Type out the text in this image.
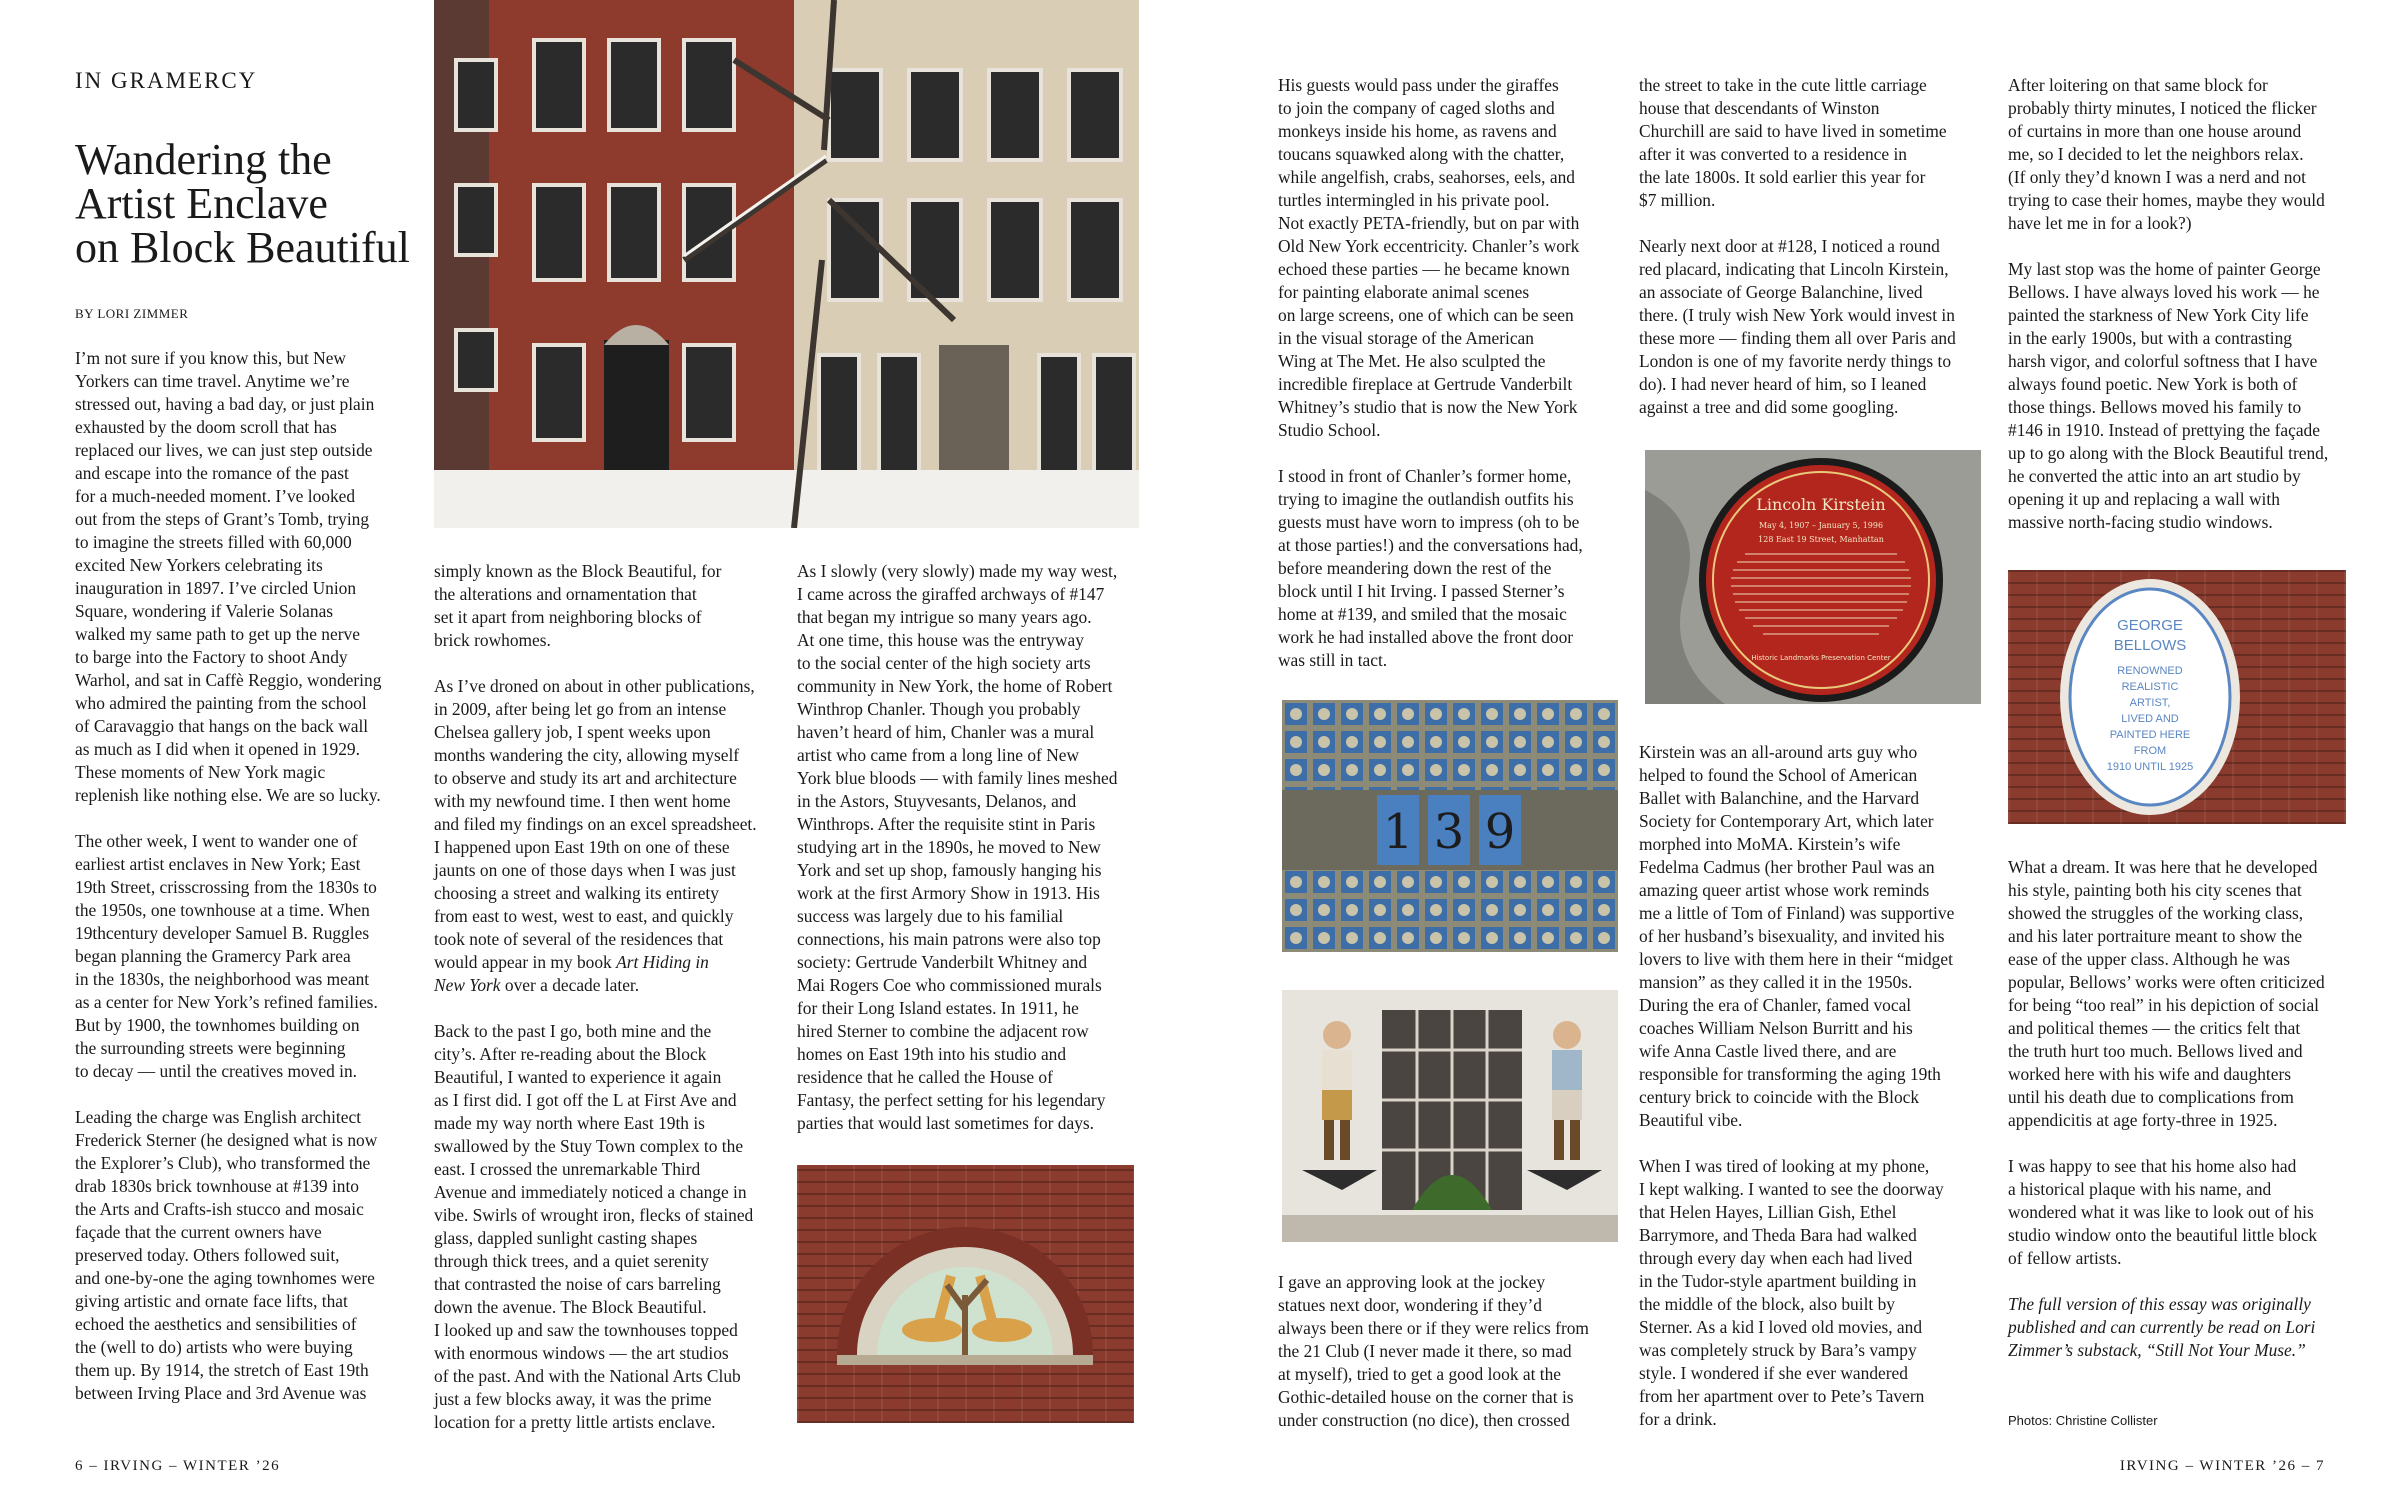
IN GRAMERCY
Wandering the
Artist Enclave
on Block Beautiful
BY LORI ZIMMER

I’m not sure if you know this, but New
Yorkers can time travel. Anytime we’re
stressed out, having a bad day, or just plain
exhausted by the doom scroll that has
replaced our lives, we can just step outside
and escape into the romance of the past
for a much-needed moment. I’ve looked
out from the steps of Grant’s Tomb, trying
to imagine the streets filled with 60,000
excited New Yorkers celebrating its
inauguration in 1897. I’ve circled Union
Square, wondering if Valerie Solanas
walked my same path to get up the nerve
to barge into the Factory to shoot Andy
Warhol, and sat in Caffè Reggio, wondering
who admired the painting from the school
of Caravaggio that hangs on the back wall
as much as I did when it opened in 1929.
These moments of New York magic
replenish like nothing else. We are so lucky.

The other week, I went to wander one of
earliest artist enclaves in New York; East
19th Street, crisscrossing from the 1830s to
the 1950s, one townhouse at a time. When
19thcentury developer Samuel B. Ruggles
began planning the Gramercy Park area
in the 1830s, the neighborhood was meant
as a center for New York’s refined families.
But by 1900, the townhomes building on
the surrounding streets were beginning
to decay — until the creatives moved in.

Leading the charge was English architect
Frederick Sterner (he designed what is now
the Explorer’s Club), who transformed the
drab 1830s brick townhouse at #139 into
the Arts and Crafts-ish stucco and mosaic
façade that the current owners have
preserved today. Others followed suit,
and one-by-one the aging townhomes were
giving artistic and ornate face lifts, that
echoed the aesthetics and sensibilities of
the (well to do) artists who were buying
them up. By 1914, the stretch of East 19th
between Irving Place and 3rd Avenue was

simply known as the Block Beautiful, for
the alterations and ornamentation that
set it apart from neighboring blocks of
brick rowhomes.

As I’ve droned on about in other publications,
in 2009, after being let go from an intense
Chelsea gallery job, I spent weeks upon
months wandering the city, allowing myself
to observe and study its art and architecture
with my newfound time. I then went home
and filed my findings on an excel spreadsheet.
I happened upon East 19th on one of these
jaunts on one of those days when I was just
choosing a street and walking its entirety
from east to west, west to east, and quickly
took note of several of the residences that
would appear in my book Art Hiding in
New York over a decade later.

Back to the past I go, both mine and the
city’s. After re-reading about the Block
Beautiful, I wanted to experience it again
as I first did. I got off the L at First Ave and
made my way north where East 19th is
swallowed by the Stuy Town complex to the
east. I crossed the unremarkable Third
Avenue and immediately noticed a change in
vibe. Swirls of wrought iron, flecks of stained
glass, dappled sunlight casting shapes
through thick trees, and a quiet serenity
that contrasted the noise of cars barreling
down the avenue. The Block Beautiful.
I looked up and saw the townhouses topped
with enormous windows — the art studios
of the past. And with the National Arts Club
just a few blocks away, it was the prime
location for a pretty little artists enclave.

As I slowly (very slowly) made my way west,
I came across the giraffed archways of #147
that began my intrigue so many years ago.
At one time, this house was the entryway
to the social center of the high society arts
community in New York, the home of Robert
Winthrop Chanler. Though you probably
haven’t heard of him, Chanler was a mural
artist who came from a long line of New
York blue bloods — with family lines meshed
in the Astors, Stuyvesants, Delanos, and
Winthrops. After the requisite stint in Paris
studying art in the 1890s, he moved to New
York and set up shop, famously hanging his
work at the first Armory Show in 1913. His
success was largely due to his familial
connections, his main patrons were also top
society: Gertrude Vanderbilt Whitney and
Mai Rogers Coe who commissioned murals
for their Long Island estates. In 1911, he
hired Sterner to combine the adjacent row
homes on East 19th into his studio and
residence that he called the House of
Fantasy, the perfect setting for his legendary
parties that would last sometimes for days.

His guests would pass under the giraffes
to join the company of caged sloths and
monkeys inside his home, as ravens and
toucans squawked along with the chatter,
while angelfish, crabs, seahorses, eels, and
turtles intermingled in his private pool.
Not exactly PETA-friendly, but on par with
Old New York eccentricity. Chanler’s work
echoed these parties — he became known
for painting elaborate animal scenes
on large screens, one of which can be seen
in the visual storage of the American
Wing at The Met. He also sculpted the
incredible fireplace at Gertrude Vanderbilt
Whitney’s studio that is now the New York
Studio School.

I stood in front of Chanler’s former home,
trying to imagine the outlandish outfits his
guests must have worn to impress (oh to be
at those parties!) and the conversations had,
before meandering down the rest of the
block until I hit Irving. I passed Sterner’s
home at #139, and smiled that the mosaic
work he had installed above the front door
was still in tact.

1 3 9

I gave an approving look at the jockey
statues next door, wondering if they’d
always been there or if they were relics from
the 21 Club (I never made it there, so mad
at myself), tried to get a good look at the
Gothic-detailed house on the corner that is
under construction (no dice), then crossed

the street to take in the cute little carriage
house that descendants of Winston
Churchill are said to have lived in sometime
after it was converted to a residence in
the late 1800s. It sold earlier this year for
$7 million.

Nearly next door at #128, I noticed a round
red placard, indicating that Lincoln Kirstein,
an associate of George Balanchine, lived
there. (I truly wish New York would invest in
these more — finding them all over Paris and
London is one of my favorite nerdy things to
do). I had never heard of him, so I leaned
against a tree and did some googling.

Lincoln Kirstein
May 4, 1907 – January 5, 1996
128 East 19 Street, Manhattan
Historic Landmarks Preservation Center

Kirstein was an all-around arts guy who
helped to found the School of American
Ballet with Balanchine, and the Harvard
Society for Contemporary Art, which later
morphed into MoMA. Kirstein’s wife
Fedelma Cadmus (her brother Paul was an
amazing queer artist whose work reminds
me a little of Tom of Finland) was supportive
of her husband’s bisexuality, and invited his
lovers to live with them here in their “midget
mansion” as they called it in the 1950s.
During the era of Chanler, famed vocal
coaches William Nelson Burritt and his
wife Anna Castle lived there, and are
responsible for transforming the aging 19th
century brick to coincide with the Block
Beautiful vibe.

When I was tired of looking at my phone,
I kept walking. I wanted to see the doorway
that Helen Hayes, Lillian Gish, Ethel
Barrymore, and Theda Bara had walked
through every day when each had lived
in the Tudor-style apartment building in
the middle of the block, also built by
Sterner. As a kid I loved old movies, and
was completely struck by Bara’s vampy
style. I wondered if she ever wandered
from her apartment over to Pete’s Tavern
for a drink.

After loitering on that same block for
probably thirty minutes, I noticed the flicker
of curtains in more than one house around
me, so I decided to let the neighbors relax.
(If only they’d known I was a nerd and not
trying to case their homes, maybe they would
have let me in for a look?)

My last stop was the home of painter George
Bellows. I have always loved his work — he
painted the starkness of New York City life
in the early 1900s, but with a contrasting
harsh vigor, and colorful softness that I have
always found poetic. New York is both of
those things. Bellows moved his family to
#146 in 1910. Instead of prettying the façade
up to go along with the Block Beautiful trend,
he converted the attic into an art studio by
opening it up and replacing a wall with
massive north-facing studio windows.

GEORGE
BELLOWS
RENOWNED
REALISTIC
ARTIST,
LIVED AND
PAINTED HERE
FROM
1910 UNTIL 1925

What a dream. It was here that he developed
his style, painting both his city scenes that
showed the struggles of the working class,
and his later portraiture meant to show the
ease of the upper class. Although he was
popular, Bellows’ works were often criticized
for being “too real” in his depiction of social
and political themes — the critics felt that
the truth hurt too much. Bellows lived and
worked here with his wife and daughters
until his death due to complications from
appendicitis at age forty-three in 1925.

I was happy to see that his home also had
a historical plaque with his name, and
wondered what it was like to look out of his
studio window onto the beautiful little block
of fellow artists.

The full version of this essay was originally
published and can currently be read on Lori
Zimmer’s substack, “Still Not Your Muse.”

Photos: Christine Collister
6 – IRVING – WINTER ’26	IRVING – WINTER ’26 – 7
